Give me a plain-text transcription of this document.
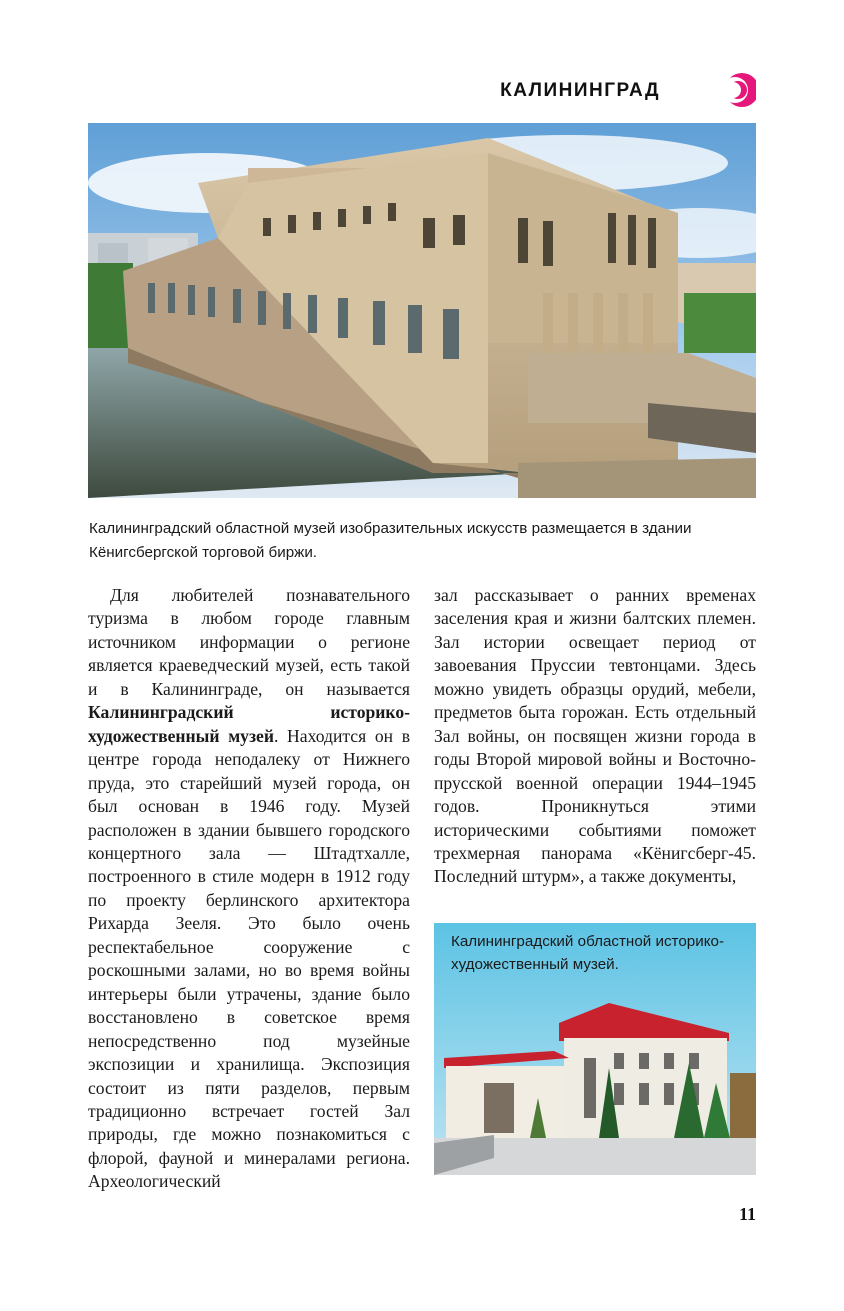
КАЛИНИНГРАД
Калининградский областной музей изобразительных искусств размещается в здании Кёнигсбергской торговой биржи.

Для любителей познавательного туризма в любом городе главным источником информации о регионе является краеведческий музей, есть такой и в Калининграде, он называется Калининградский историко-художественный музей. Находится он в центре города неподалеку от Нижнего пруда, это старейший музей города, он был основан в 1946 году. Музей расположен в здании бывшего городского концертного зала — Штадтхалле, построенного в стиле модерн в 1912 году по проекту берлинского архитектора Рихарда Зееля. Это было очень респектабельное сооружение с роскошными залами, но во время войны интерьеры были утрачены, здание было восстановлено в советское время непосредственно под музейные экспозиции и хранилища. Экспозиция состоит из пяти разделов, первым традиционно встречает гостей Зал природы, где можно познакомиться с флорой, фауной и минералами региона. Археологический

зал рассказывает о ранних временах заселения края и жизни балтских племен. Зал истории освещает период от завоевания Пруссии тевтонцами. Здесь можно увидеть образцы орудий, мебели, предметов быта горожан. Есть отдельный Зал войны, он посвящен жизни города в годы Второй мировой войны и Восточно-прусской военной операции 1944–1945 годов. Проникнуться этими историческими событиями поможет трехмерная панорама «Кёнигсберг-45. Последний штурм», а также документы,

Калининградский областной историко-художественный музей.
11
